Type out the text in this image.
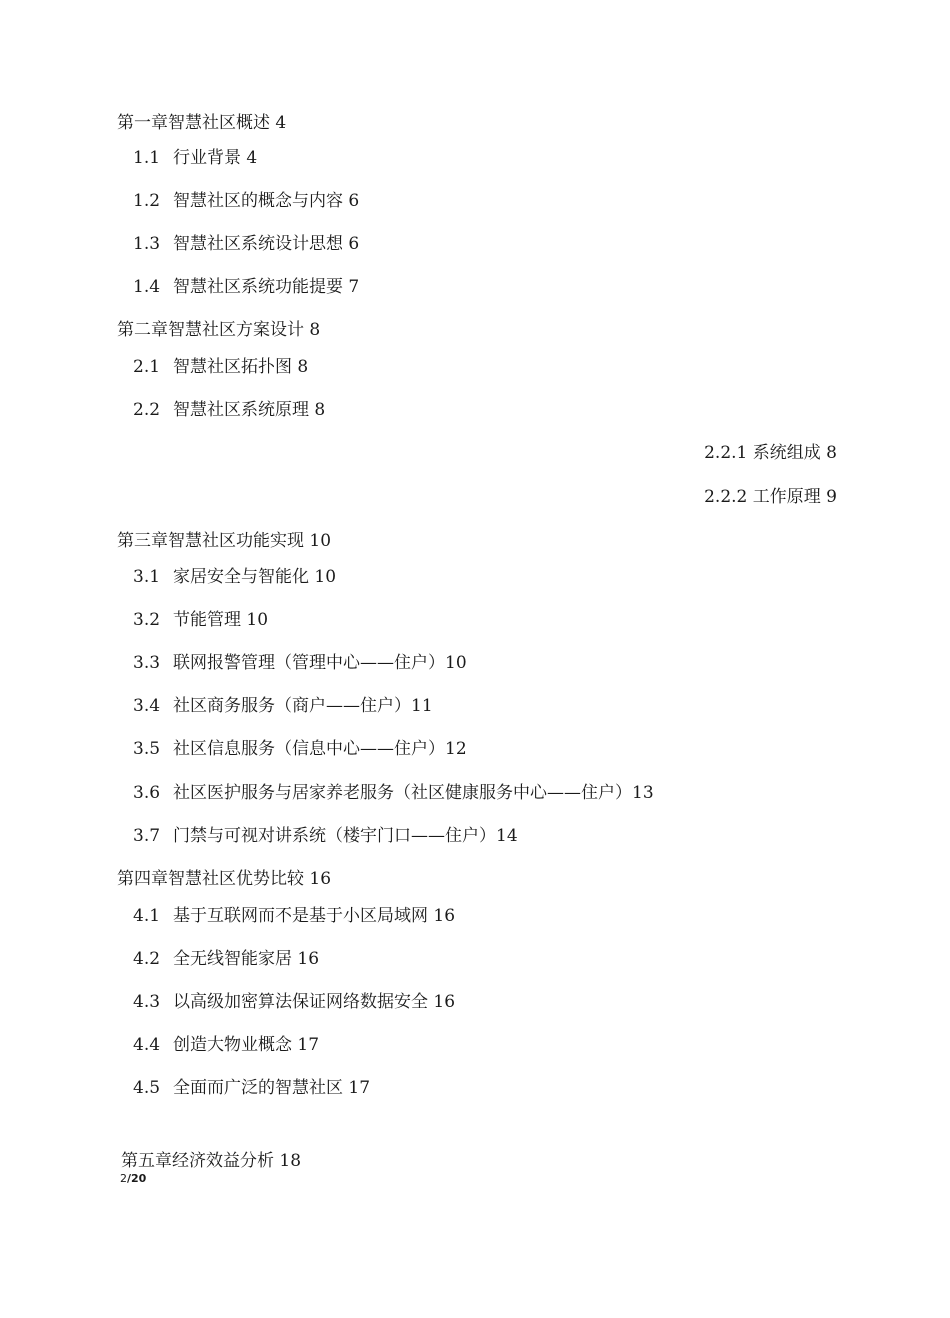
第一章智慧社区概述 4
1.1 行业背景 4
1.2 智慧社区的概念与内容 6
1.3 智慧社区系统设计思想 6
1.4 智慧社区系统功能提要 7
第二章智慧社区方案设计 8
2.1 智慧社区拓扑图 8
2.2 智慧社区系统原理 8
2.2.1 系统组成 8
2.2.2 工作原理 9
第三章智慧社区功能实现 10
3.1 家居安全与智能化 10
3.2 节能管理 10
3.3 联网报警管理（管理中心——住户）10
3.4 社区商务服务（商户——住户）11
3.5 社区信息服务（信息中心——住户）12
3.6 社区医护服务与居家养老服务（社区健康服务中心——住户）13
3.7 门禁与可视对讲系统（楼宇门口——住户）14
第四章智慧社区优势比较 16
4.1 基于互联网而不是基于小区局域网 16
4.2 全无线智能家居 16
4.3 以高级加密算法保证网络数据安全 16
4.4 创造大物业概念 17
4.5 全面而广泛的智慧社区 17
第五章经济效益分析 18
2/20
